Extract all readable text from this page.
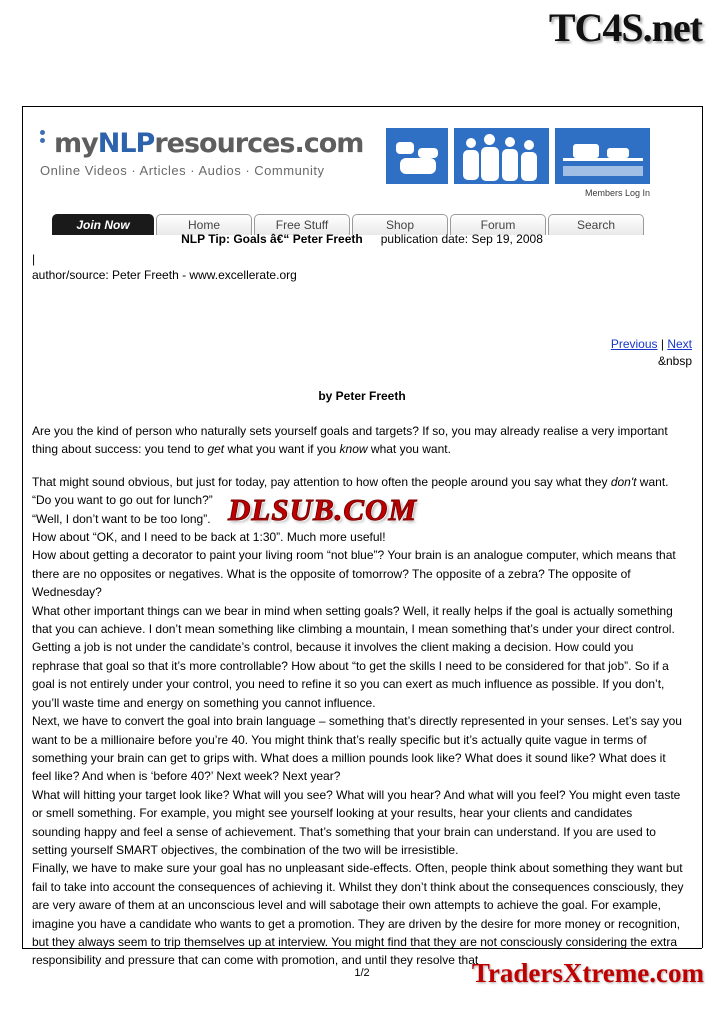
TC4S.net
my NLP resources.com
Online Videos · Articles · Audios · Community
Members Log In
Join Now	Home	Free Stuff	Shop	Forum	Search
NLP Tip: Goals â€“ Peter Freeth publication date: Sep 19, 2008
|
author/source: Peter Freeth - www.excellerate.org
Previous | Next
&nbsp
by Peter Freeth

Are you the kind of person who naturally sets yourself goals and targets? If so, you may already realise a very important thing about success: you tend to get what you want if you know what you want.

That might sound obvious, but just for today, pay attention to how often the people around you say what they don't want.

“Do you want to go out for lunch?”

“Well, I don’t want to be too long”.

How about “OK, and I need to be back at 1:30”. Much more useful!

How about getting a decorator to paint your living room “not blue”? Your brain is an analogue computer, which means that there are no opposites or negatives. What is the opposite of tomorrow? The opposite of a zebra? The opposite of Wednesday?

What other important things can we bear in mind when setting goals? Well, it really helps if the goal is actually something that you can achieve. I don’t mean something like climbing a mountain, I mean something that’s under your direct control. Getting a job is not under the candidate’s control, because it involves the client making a decision. How could you rephrase that goal so that it’s more controllable? How about “to get the skills I need to be considered for that job”. So if a goal is not entirely under your control, you need to refine it so you can exert as much influence as possible. If you don’t, you’ll waste time and energy on something you cannot influence.

Next, we have to convert the goal into brain language – something that’s directly represented in your senses. Let’s say you want to be a millionaire before you’re 40. You might think that’s really specific but it’s actually quite vague in terms of something your brain can get to grips with. What does a million pounds look like? What does it sound like? What does it feel like? And when is ‘before 40?’ Next week? Next year?

What will hitting your target look like? What will you see? What will you hear? And what will you feel? You might even taste or smell something. For example, you might see yourself looking at your results, hear your clients and candidates sounding happy and feel a sense of achievement. That’s something that your brain can understand. If you are used to setting yourself SMART objectives, the combination of the two will be irresistible.

Finally, we have to make sure your goal has no unpleasant side-effects. Often, people think about something they want but fail to take into account the consequences of achieving it. Whilst they don’t think about the consequences consciously, they are very aware of them at an unconscious level and will sabotage their own attempts to achieve the goal. For example, imagine you have a candidate who wants to get a promotion. They are driven by the desire for more money or recognition, but they always seem to trip themselves up at interview. You might find that they are not consciously considering the extra responsibility and pressure that can come with promotion, and until they resolve that

DLSUB.COM
1/2	TradersXtreme.com
